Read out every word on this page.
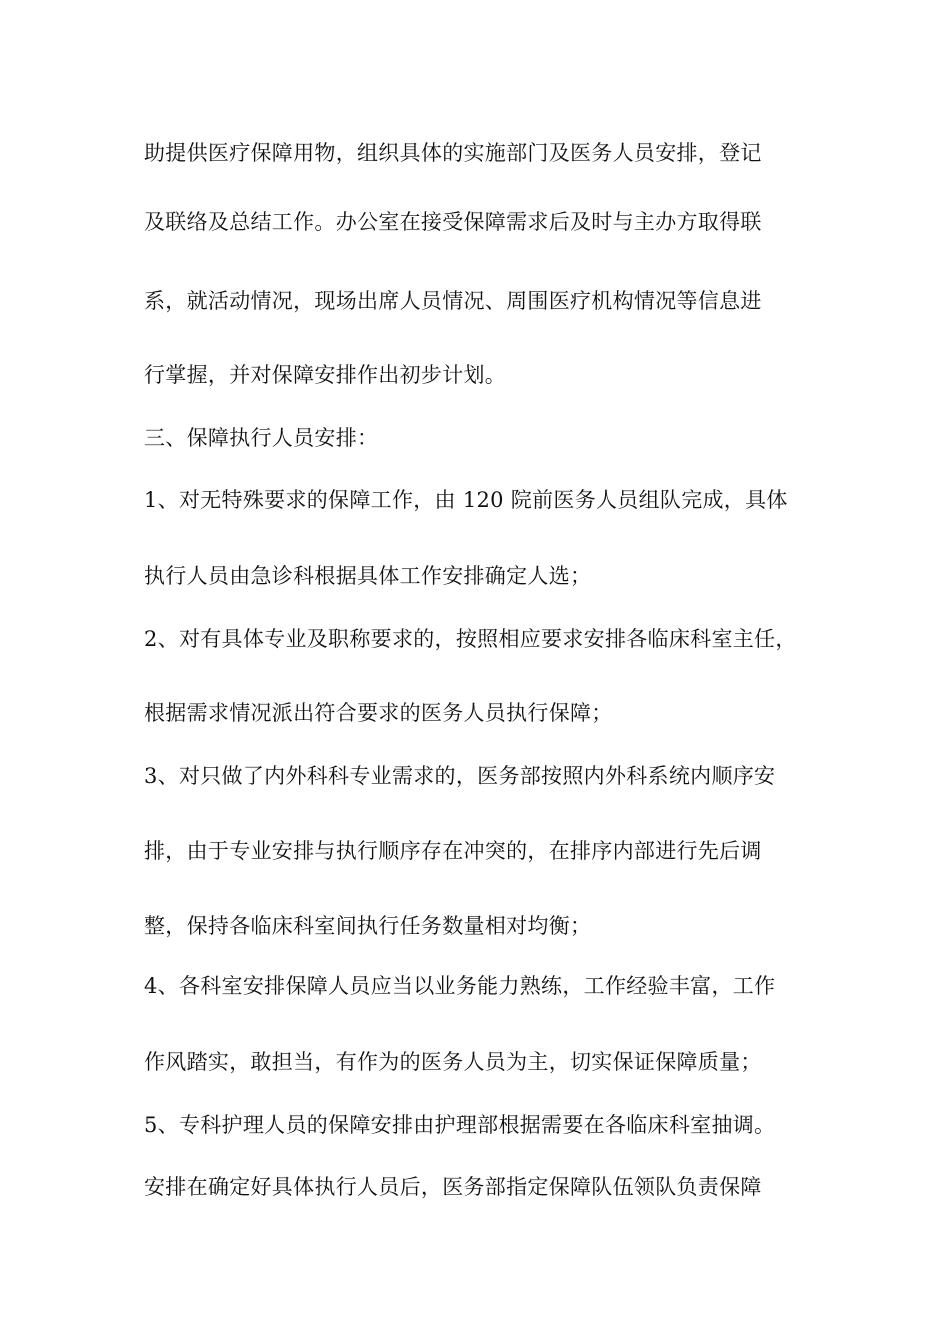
助提供医疗保障用物，组织具体的实施部门及医务人员安排，登记
及联络及总结工作。办公室在接受保障需求后及时与主办方取得联
系，就活动情况，现场出席人员情况、周围医疗机构情况等信息进
行掌握，并对保障安排作出初步计划。
三、保障执行人员安排：
1、对无特殊要求的保障工作，由 120 院前医务人员组队完成，具体
执行人员由急诊科根据具体工作安排确定人选；
2、对有具体专业及职称要求的，按照相应要求安排各临床科室主任，
根据需求情况派出符合要求的医务人员执行保障；
3、对只做了内外科科专业需求的，医务部按照内外科系统内顺序安
排，由于专业安排与执行顺序存在冲突的，在排序内部进行先后调
整，保持各临床科室间执行任务数量相对均衡；
4、各科室安排保障人员应当以业务能力熟练，工作经验丰富，工作
作风踏实，敢担当，有作为的医务人员为主，切实保证保障质量；
5、专科护理人员的保障安排由护理部根据需要在各临床科室抽调。
安排在确定好具体执行人员后，医务部指定保障队伍领队负责保障
